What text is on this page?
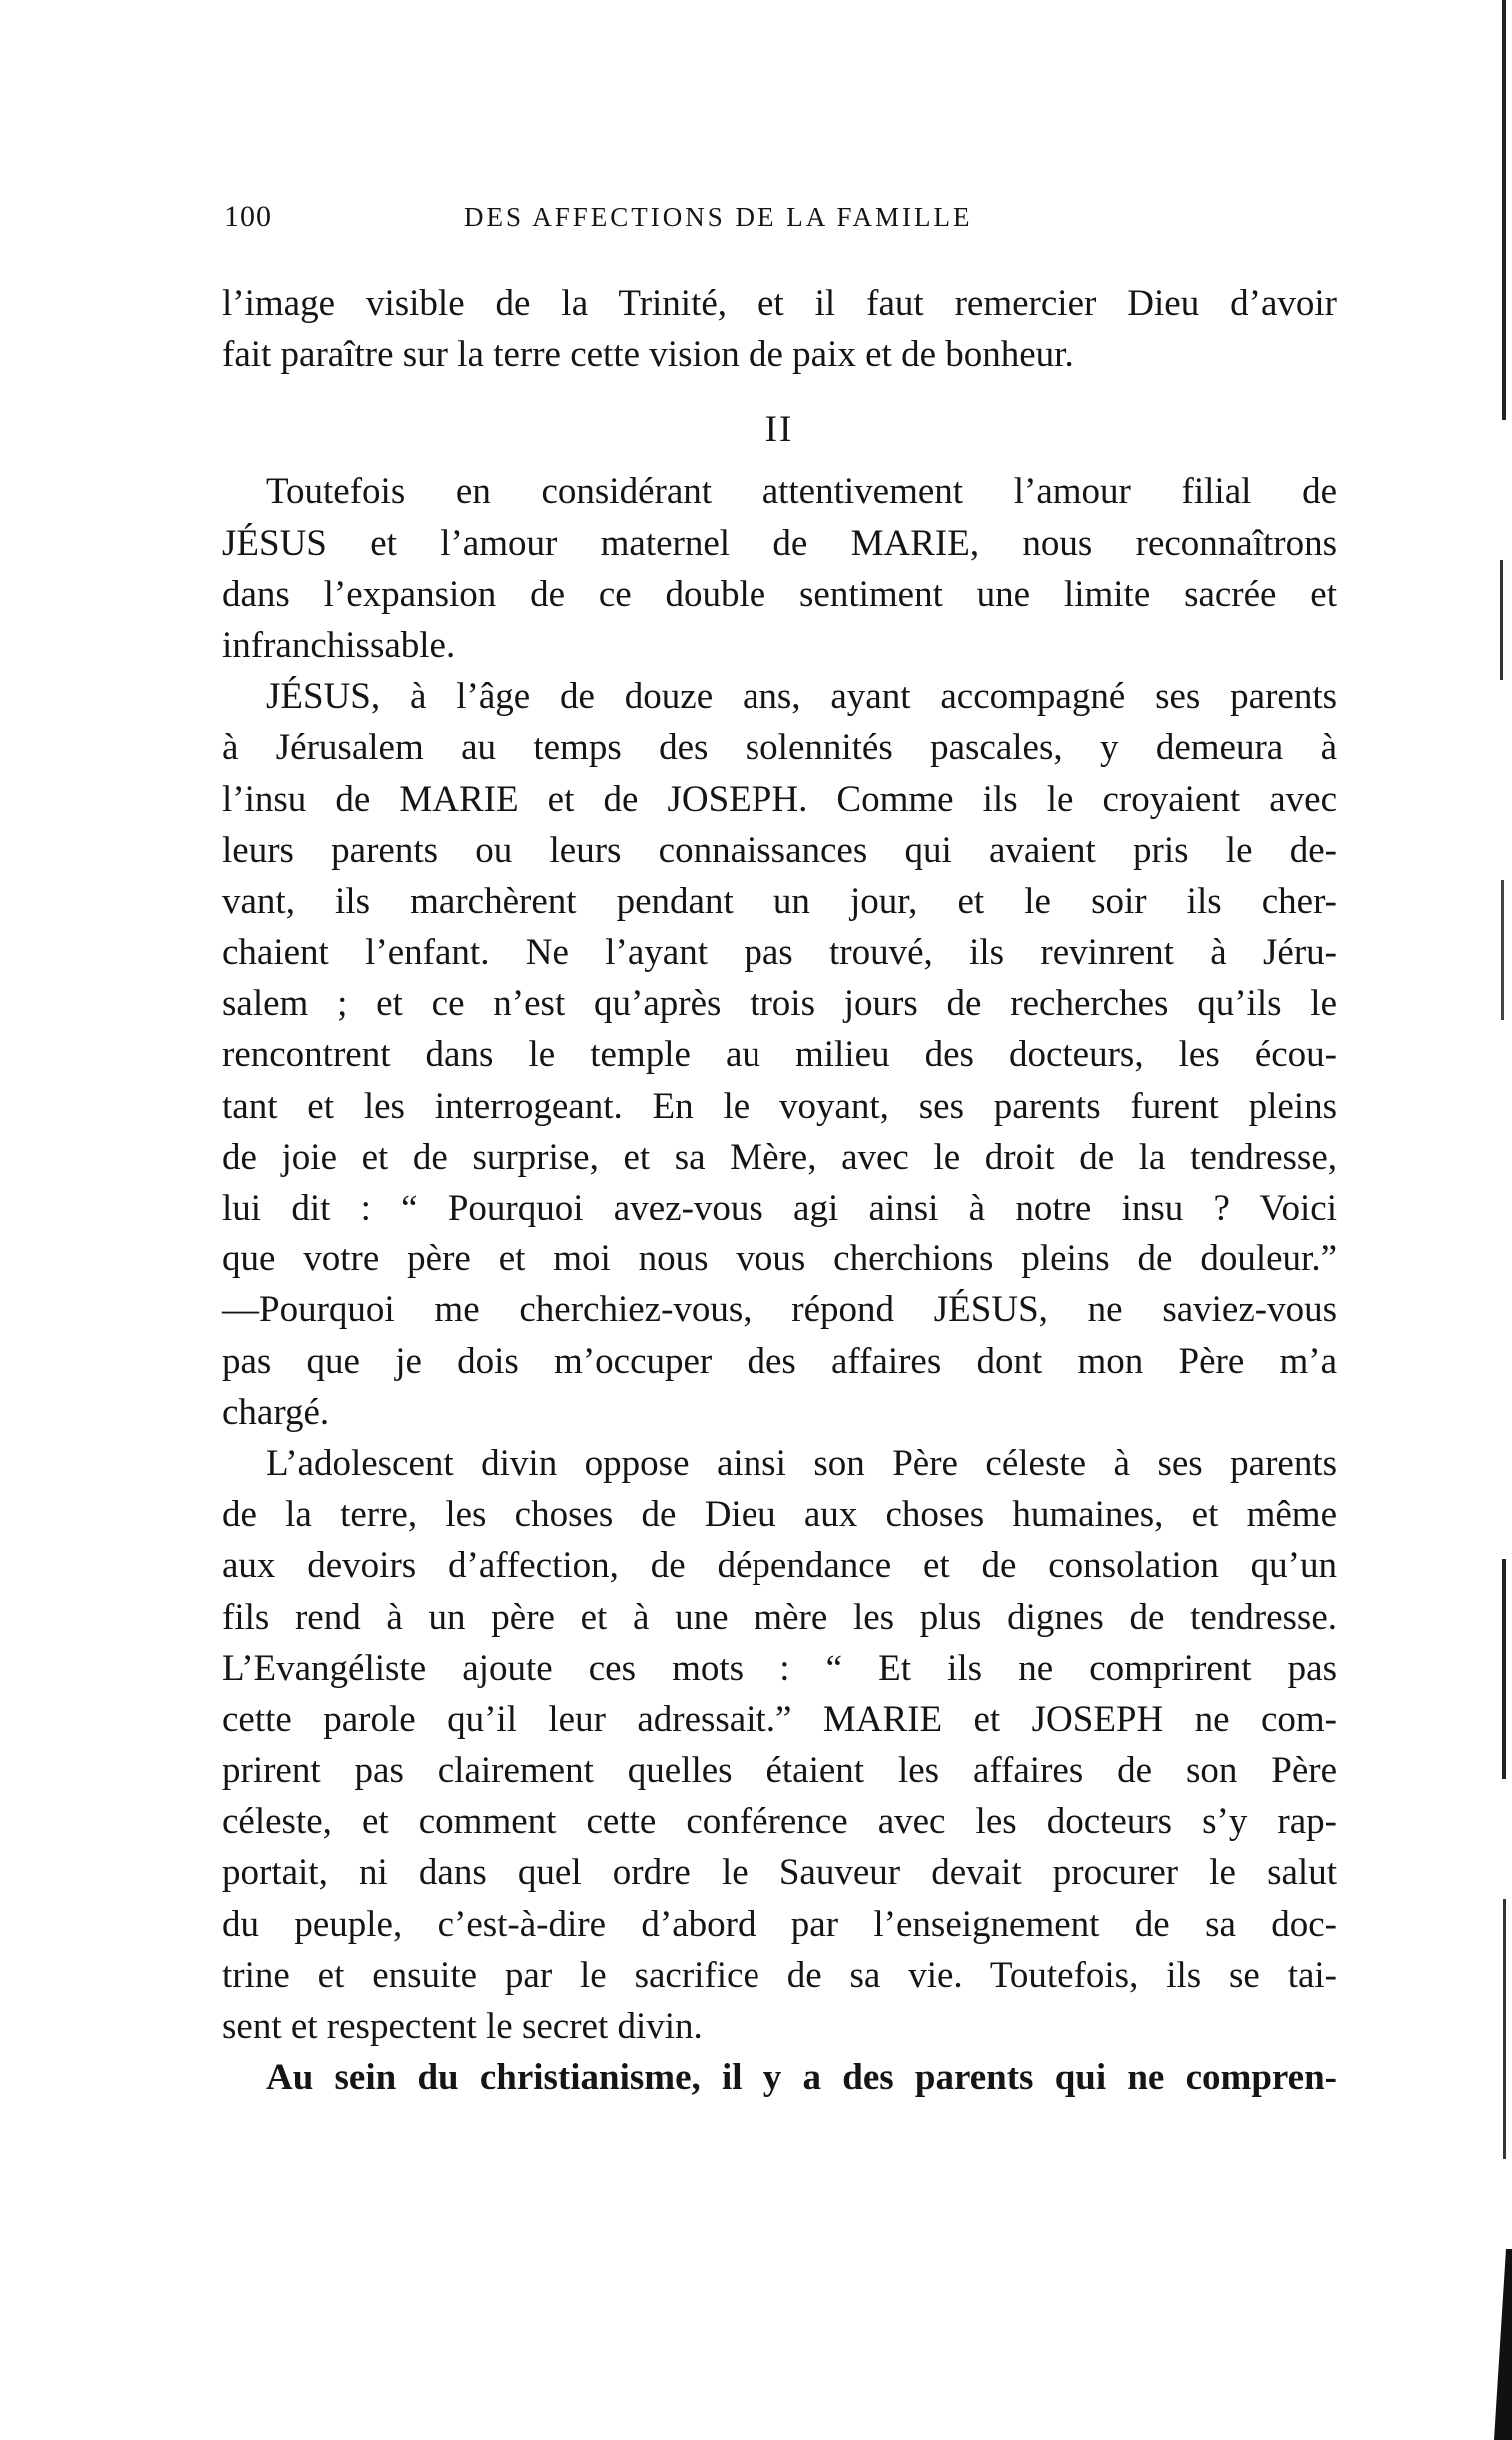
100	DES AFFECTIONS DE LA FAMILLE
l’image visible de la Trinité, et il faut remercier Dieu d’avoir
fait paraître sur la terre cette vision de paix et de bonheur.
II
Toutefois en considérant attentivement l’amour filial de
JÉSUS et l’amour maternel de MARIE, nous reconnaîtrons
dans l’expansion de ce double sentiment une limite sacrée et
infranchissable.
JÉSUS, à l’âge de douze ans, ayant accompagné ses parents
à Jérusalem au temps des solennités pascales, y demeura à
l’insu de MARIE et de JOSEPH. Comme ils le croyaient avec
leurs parents ou leurs connaissances qui avaient pris le de-
vant, ils marchèrent pendant un jour, et le soir ils cher-
chaient l’enfant. Ne l’ayant pas trouvé, ils revinrent à Jéru-
salem ; et ce n’est qu’après trois jours de recherches qu’ils le
rencontrent dans le temple au milieu des docteurs, les écou-
tant et les interrogeant. En le voyant, ses parents furent pleins
de joie et de surprise, et sa Mère, avec le droit de la tendresse,
lui dit : “ Pourquoi avez-vous agi ainsi à notre insu ? Voici
que votre père et moi nous vous cherchions pleins de douleur.”
—Pourquoi me cherchiez-vous, répond JÉSUS, ne saviez-vous
pas que je dois m’occuper des affaires dont mon Père m’a
chargé.
L’adolescent divin oppose ainsi son Père céleste à ses parents
de la terre, les choses de Dieu aux choses humaines, et même
aux devoirs d’affection, de dépendance et de consolation qu’un
fils rend à un père et à une mère les plus dignes de tendresse.
L’Evangéliste ajoute ces mots : “ Et ils ne comprirent pas
cette parole qu’il leur adressait.” MARIE et JOSEPH ne com-
prirent pas clairement quelles étaient les affaires de son Père
céleste, et comment cette conférence avec les docteurs s’y rap-
portait, ni dans quel ordre le Sauveur devait procurer le salut
du peuple, c’est-à-dire d’abord par l’enseignement de sa doc-
trine et ensuite par le sacrifice de sa vie. Toutefois, ils se tai-
sent et respectent le secret divin.
Au sein du christianisme, il y a des parents qui ne compren-
